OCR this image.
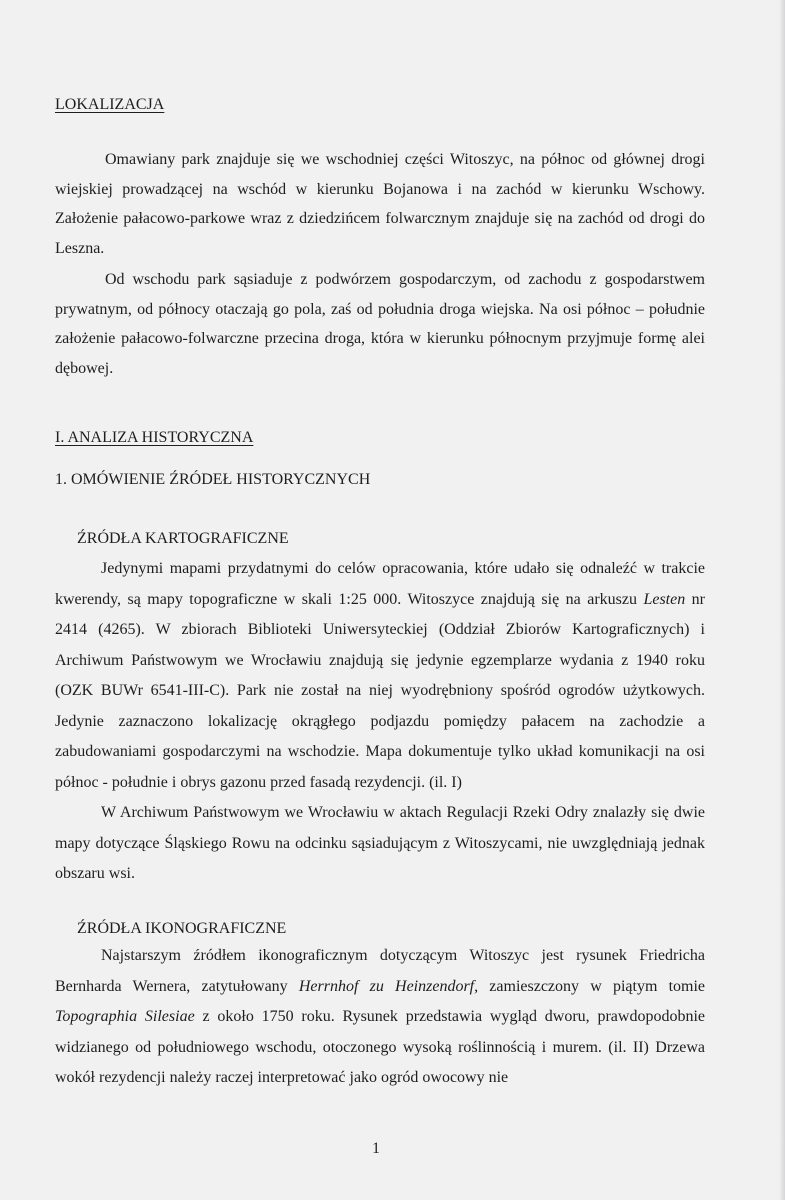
LOKALIZACJA

Omawiany park znajduje się we wschodniej części Witoszyc, na północ od głównej drogi wiejskiej prowadzącej na wschód w kierunku Bojanowa i na zachód w kierunku Wschowy. Założenie pałacowo-parkowe wraz z dziedzińcem folwarcznym znajduje się na zachód od drogi do Leszna.

Od wschodu park sąsiaduje z podwórzem gospodarczym, od zachodu z gospodarstwem prywatnym, od północy otaczają go pola, zaś od południa droga wiejska. Na osi północ – południe założenie pałacowo-folwarczne przecina droga, która w kierunku północnym przyjmuje formę alei dębowej.

I. ANALIZA HISTORYCZNA
1. OMÓWIENIE ŹRÓDEŁ HISTORYCZNYCH
ŹRÓDŁA KARTOGRAFICZNE

Jedynymi mapami przydatnymi do celów opracowania, które udało się odnaleźć w trakcie kwerendy, są mapy topograficzne w skali 1:25 000. Witoszyce znajdują się na arkuszu Lesten nr 2414 (4265). W zbiorach Biblioteki Uniwersyteckiej (Oddział Zbiorów Kartograficznych) i Archiwum Państwowym we Wrocławiu znajdują się jedynie egzemplarze wydania z 1940 roku (OZK BUWr 6541-III-C). Park nie został na niej wyodrębniony spośród ogrodów użytkowych. Jedynie zaznaczono lokalizację okrągłego podjazdu pomiędzy pałacem na zachodzie a zabudowaniami gospodarczymi na wschodzie. Mapa dokumentuje tylko układ komunikacji na osi północ - południe i obrys gazonu przed fasadą rezydencji. (il. I)

W Archiwum Państwowym we Wrocławiu w aktach Regulacji Rzeki Odry znalazły się dwie mapy dotyczące Śląskiego Rowu na odcinku sąsiadującym z Witoszycami, nie uwzględniają jednak obszaru wsi.

ŹRÓDŁA IKONOGRAFICZNE

Najstarszym źródłem ikonograficznym dotyczącym Witoszyc jest rysunek Friedricha Bernharda Wernera, zatytułowany Herrnhof zu Heinzendorf, zamieszczony w piątym tomie Topographia Silesiae z około 1750 roku. Rysunek przedstawia wygląd dworu, prawdopodobnie widzianego od południowego wschodu, otoczonego wysoką roślinnością i murem. (il. II) Drzewa wokół rezydencji należy raczej interpretować jako ogród owocowy nie

1
